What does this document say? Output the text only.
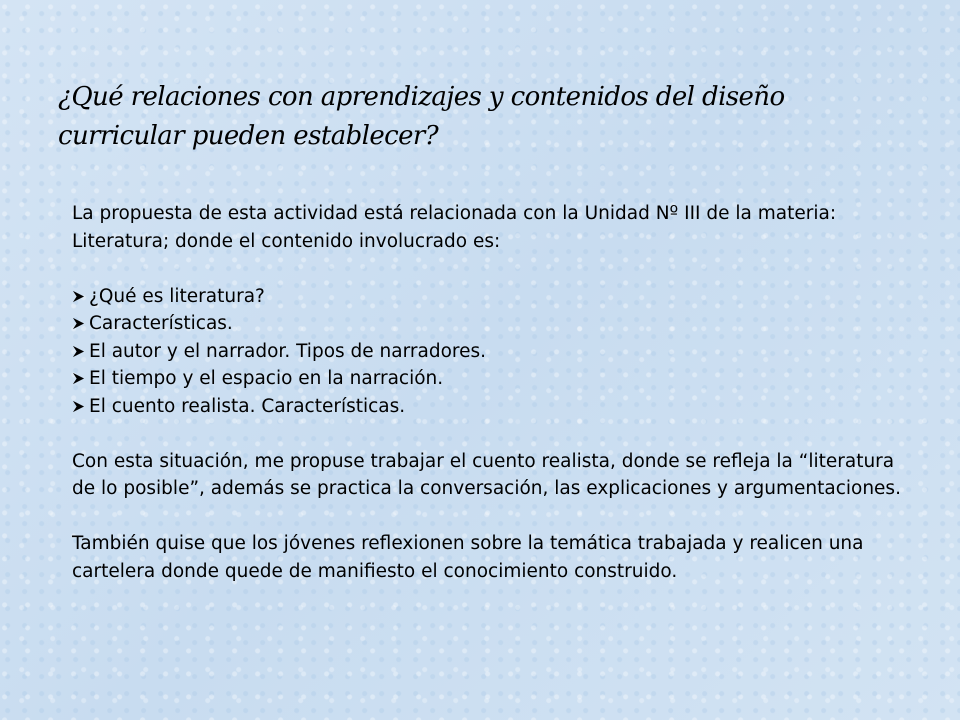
¿Qué relaciones con aprendizajes y contenidos del diseño curricular pueden establecer?

La propuesta de esta actividad está relacionada con la Unidad Nº III de la materia: Literatura; donde el contenido involucrado es:

¿Qué es literatura?
Características.
El autor y el narrador. Tipos de narradores.
El tiempo y el espacio en la narración.
El cuento realista. Características.

Con esta situación, me propuse trabajar el cuento realista, donde se refleja la “literatura de lo posible”, además se practica la conversación, las explicaciones y argumentaciones.

También quise que los jóvenes reflexionen sobre la temática trabajada y realicen una cartelera donde quede de manifiesto el conocimiento construido.
